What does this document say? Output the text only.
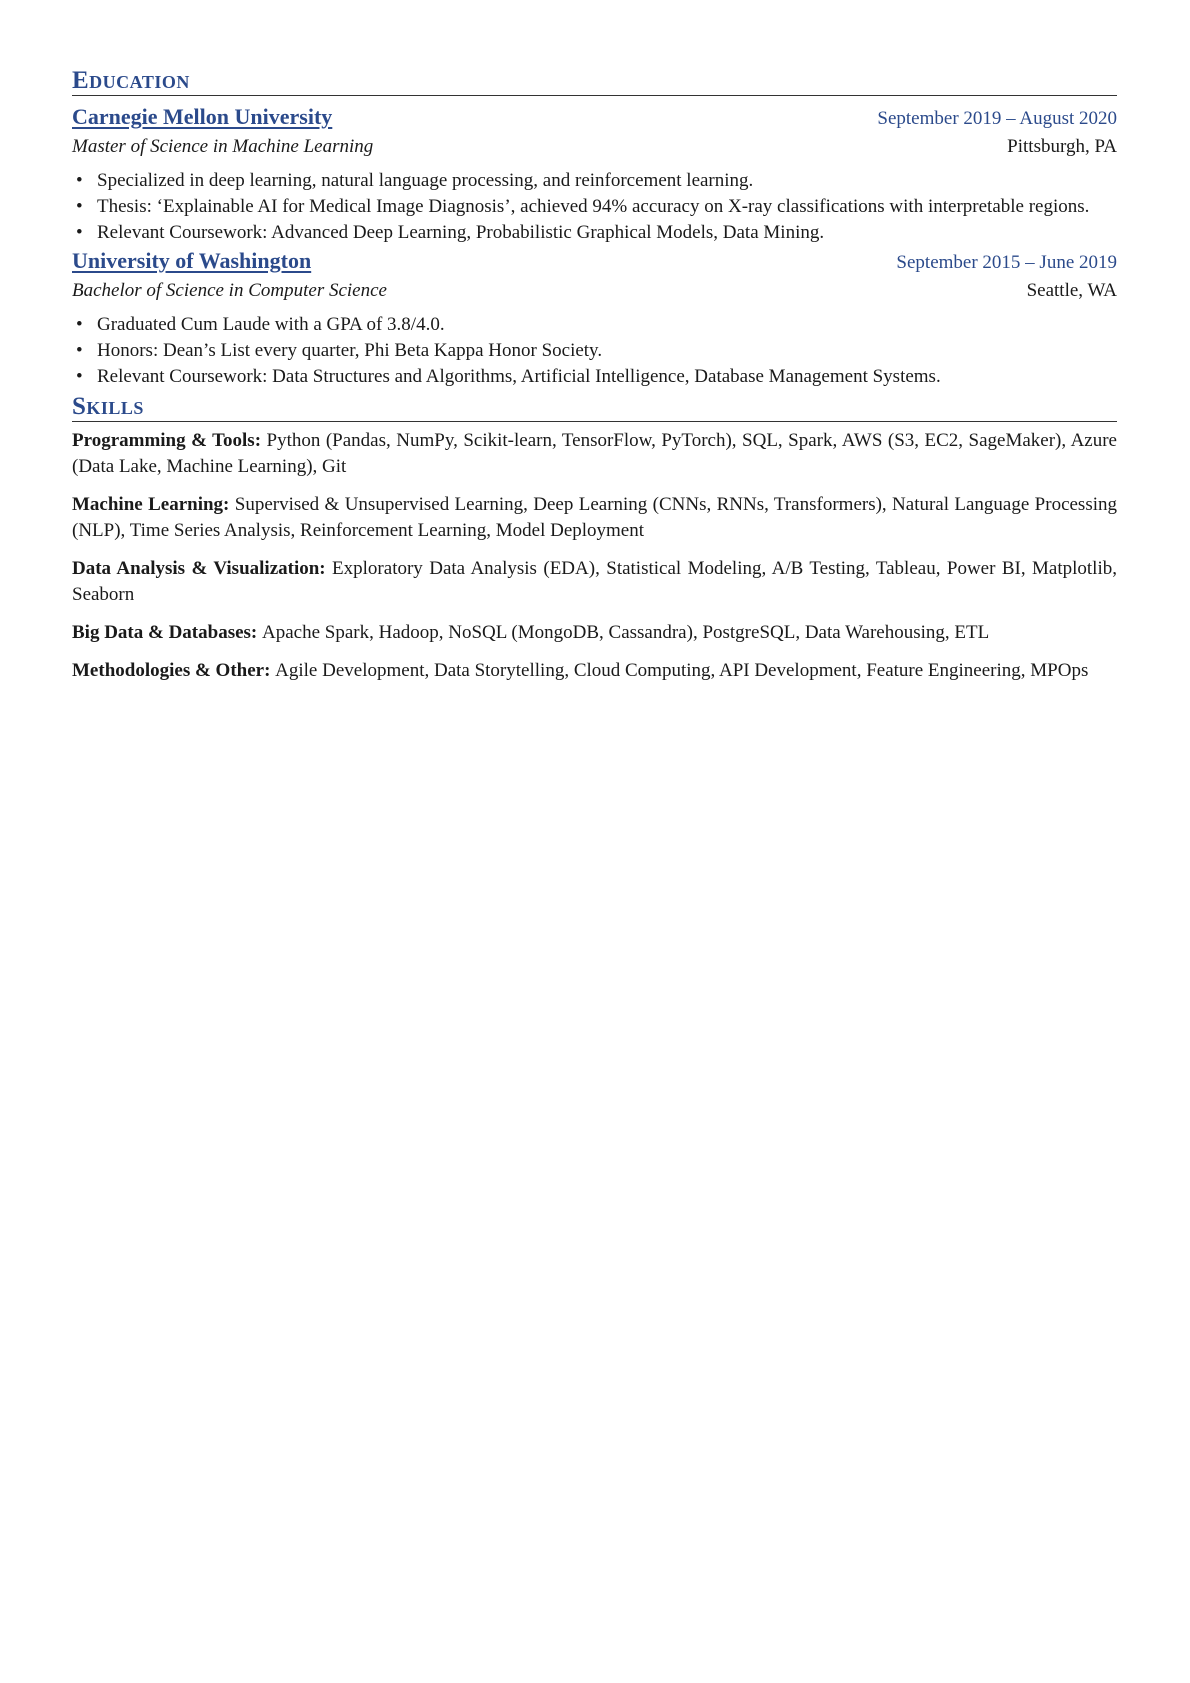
Education
Carnegie Mellon University	September 2019 – August 2020
Master of Science in Machine Learning	Pittsburgh, PA
• Specialized in deep learning, natural language processing, and reinforcement learning.
• Thesis: ‘Explainable AI for Medical Image Diagnosis’, achieved 94% accuracy on X-ray classifications with interpretable regions.
• Relevant Coursework: Advanced Deep Learning, Probabilistic Graphical Models, Data Mining.
University of Washington	September 2015 – June 2019
Bachelor of Science in Computer Science	Seattle, WA
• Graduated Cum Laude with a GPA of 3.8/4.0.
• Honors: Dean’s List every quarter, Phi Beta Kappa Honor Society.
• Relevant Coursework: Data Structures and Algorithms, Artificial Intelligence, Database Management Systems.
Skills
Programming & Tools: Python (Pandas, NumPy, Scikit-learn, TensorFlow, PyTorch), SQL, Spark, AWS (S3, EC2, SageMaker), Azure (Data Lake, Machine Learning), Git
Machine Learning: Supervised & Unsupervised Learning, Deep Learning (CNNs, RNNs, Transformers), Natural Language Processing (NLP), Time Series Analysis, Reinforcement Learning, Model Deployment
Data Analysis & Visualization: Exploratory Data Analysis (EDA), Statistical Modeling, A/B Testing, Tableau, Power BI, Matplotlib, Seaborn
Big Data & Databases: Apache Spark, Hadoop, NoSQL (MongoDB, Cassandra), PostgreSQL, Data Warehousing, ETL
Methodologies & Other: Agile Development, Data Storytelling, Cloud Computing, API Development, Feature Engineering, MPOps
